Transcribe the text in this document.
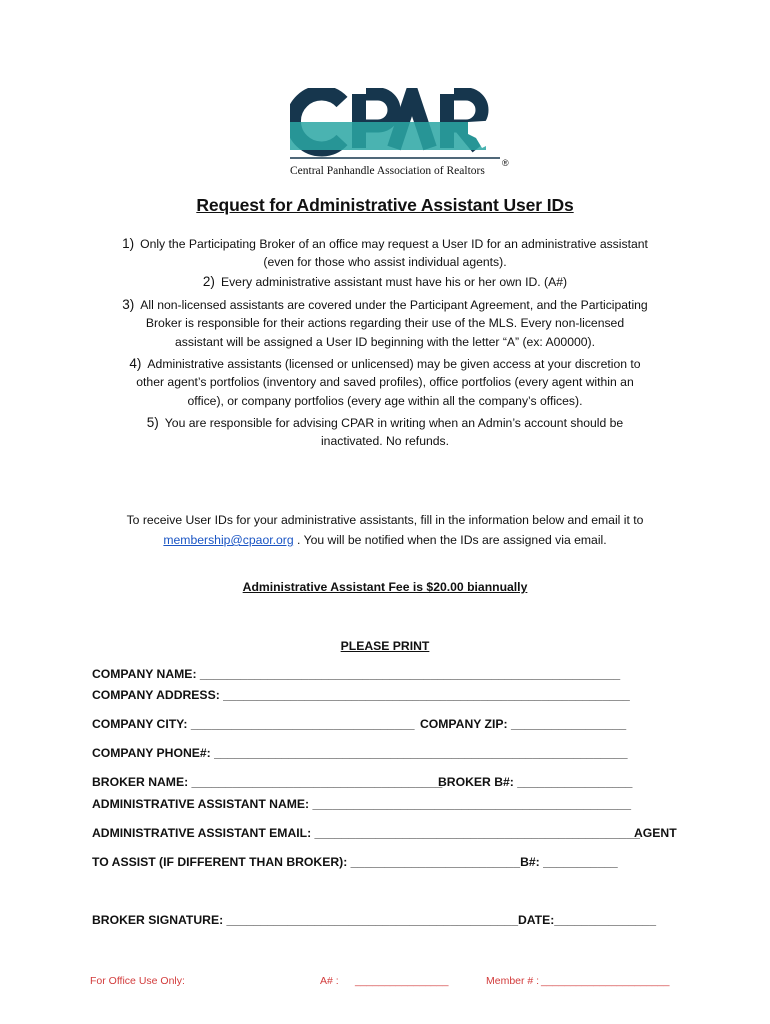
Central Panhandle Association of Realtors
®
Request for Administrative Assistant User IDs
1) Only the Participating Broker of an office may request a User ID for an administrative assistant
(even for those who assist individual agents).
2) Every administrative assistant must have his or her own ID. (A#)
3) All non-licensed assistants are covered under the Participant Agreement, and the Participating
Broker is responsible for their actions regarding their use of the MLS. Every non-licensed
assistant will be assigned a User ID beginning with the letter “A” (ex: A00000).
4) Administrative assistants (licensed or unlicensed) may be given access at your discretion to
other agent’s portfolios (inventory and saved profiles), office portfolios (every agent within an
office), or company portfolios (every age within all the company’s offices).
5) You are responsible for advising CPAR in writing when an Admin’s account should be
inactivated. No refunds.
To receive User IDs for your administrative assistants, fill in the information below and email it to
membership@cpaor.org . You will be notified when the IDs are assigned via email.
Administrative Assistant Fee is $20.00 biannually
PLEASE PRINT
COMPANY NAME: ______________________________________________________________
COMPANY ADDRESS: ____________________________________________________________
COMPANY CITY: _________________________________ COMPANY ZIP: _________________
COMPANY PHONE#: _____________________________________________________________
BROKER NAME: _____________________________________
BROKER B#: _________________
ADMINISTRATIVE ASSISTANT NAME: _______________________________________________
ADMINISTRATIVE ASSISTANT EMAIL: ________________________________________________
AGENT
TO ASSIST (IF DIFFERENT THAN BROKER): _________________________B#: ___________
BROKER SIGNATURE: ___________________________________________DATE:_______________
For Office Use Only:	A# : ________________	Member # : ______________________
